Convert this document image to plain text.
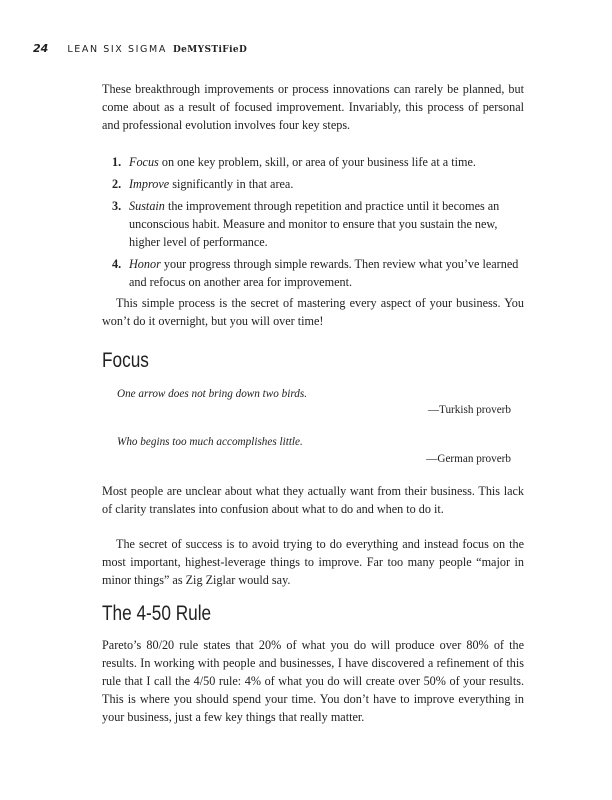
24 LEAN SIX SIGMA DeMYSTiFieD

These breakthrough improvements or process innovations can rarely be planned, but come about as a result of focused improvement. Invariably, this process of personal and professional evolution involves four key steps.

1. Focus on one key problem, skill, or area of your business life at a time.
2. Improve significantly in that area.
3. Sustain the improvement through repetition and practice until it becomes an unconscious habit. Measure and monitor to ensure that you sustain the new, higher level of performance.
4. Honor your progress through simple rewards. Then review what you’ve learned and refocus on another area for improvement.

This simple process is the secret of mastering every aspect of your business. You won’t do it overnight, but you will over time!

Focus
One arrow does not bring down two birds.
—Turkish proverb
Who begins too much accomplishes little.
—German proverb

Most people are unclear about what they actually want from their business. This lack of clarity translates into confusion about what to do and when to do it.

The secret of success is to avoid trying to do everything and instead focus on the most important, highest-leverage things to improve. Far too many people “major in minor things” as Zig Ziglar would say.

The 4-50 Rule

Pareto’s 80/20 rule states that 20% of what you do will produce over 80% of the results. In working with people and businesses, I have discovered a refinement of this rule that I call the 4/50 rule: 4% of what you do will create over 50% of your results. This is where you should spend your time. You don’t have to improve everything in your business, just a few key things that really matter.
